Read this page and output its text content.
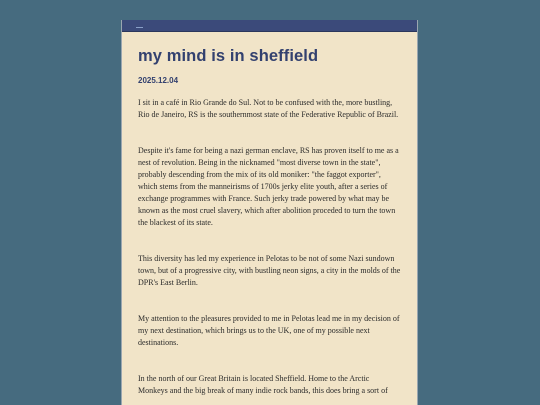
my mind is in sheffield
2025.12.04

I sit in a café in Rio Grande do Sul. Not to be confused with the, more bustling, Rio de Janeiro, RS is the southernmost state of the Federative Republic of Brazil.

Despite it's fame for being a nazi german enclave, RS has proven itself to me as a nest of revolution. Being in the nicknamed "most diverse town in the state", probably descending from the mix of its old moniker: "the faggot exporter", which stems from the manneirisms of 1700s jerky elite youth, after a series of exchange programmes with France. Such jerky trade powered by what may be known as the most cruel slavery, which after abolition proceded to turn the town the blackest of its state.

This diversity has led my experience in Pelotas to be not of some Nazi sundown town, but of a progressive city, with bustling neon signs, a city in the molds of the DPR's East Berlin.

My attention to the pleasures provided to me in Pelotas lead me in my decision of my next destination, which brings us to the UK, one of my possible next destinations.

In the north of our Great Britain is located Sheffield. Home to the Arctic Monkeys and the big break of many indie rock bands, this does bring a sort of
